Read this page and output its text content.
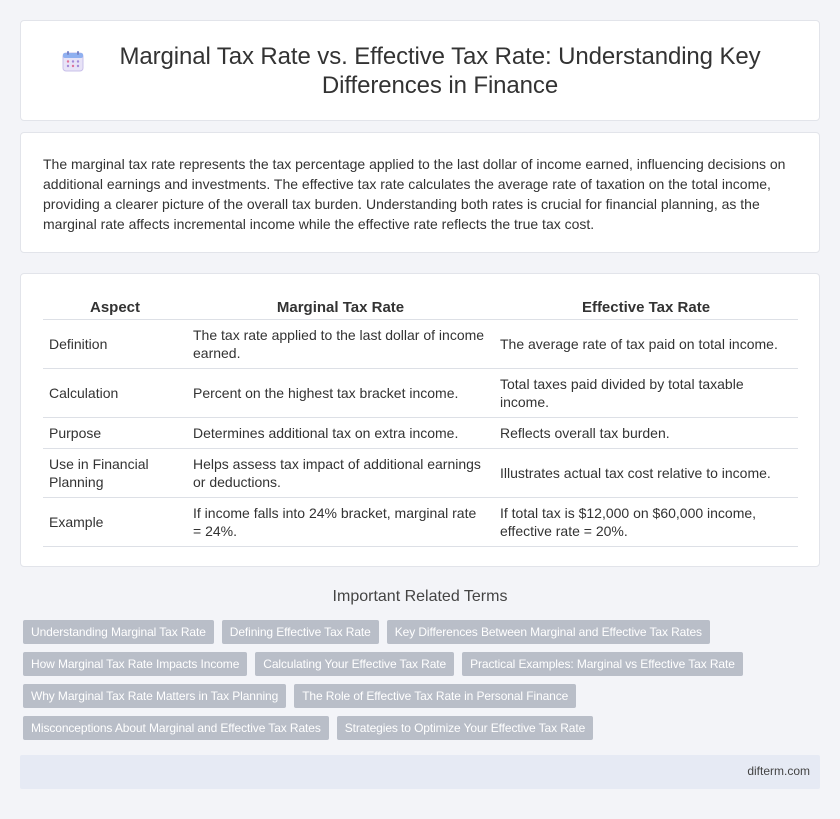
Marginal Tax Rate vs. Effective Tax Rate: Understanding Key Differences in Finance

The marginal tax rate represents the tax percentage applied to the last dollar of income earned, influencing decisions on additional earnings and investments. The effective tax rate calculates the average rate of taxation on the total income, providing a clearer picture of the overall tax burden. Understanding both rates is crucial for financial planning, as the marginal rate affects incremental income while the effective rate reflects the true tax cost.

Aspect	Marginal Tax Rate	Effective Tax Rate
Definition	The tax rate applied to the last dollar of income earned.	The average rate of tax paid on total income.
Calculation	Percent on the highest tax bracket income.	Total taxes paid divided by total taxable income.
Purpose	Determines additional tax on extra income.	Reflects overall tax burden.
Use in Financial Planning	Helps assess tax impact of additional earnings or deductions.	Illustrates actual tax cost relative to income.
Example	If income falls into 24% bracket, marginal rate = 24%.	If total tax is $12,000 on $60,000 income, effective rate = 20%.
Important Related Terms
Understanding Marginal Tax Rate	Defining Effective Tax Rate	Key Differences Between Marginal and Effective Tax Rates
How Marginal Tax Rate Impacts Income	Calculating Your Effective Tax Rate	Practical Examples: Marginal vs Effective Tax Rate
Why Marginal Tax Rate Matters in Tax Planning	The Role of Effective Tax Rate in Personal Finance
Misconceptions About Marginal and Effective Tax Rates	Strategies to Optimize Your Effective Tax Rate
difterm.com
